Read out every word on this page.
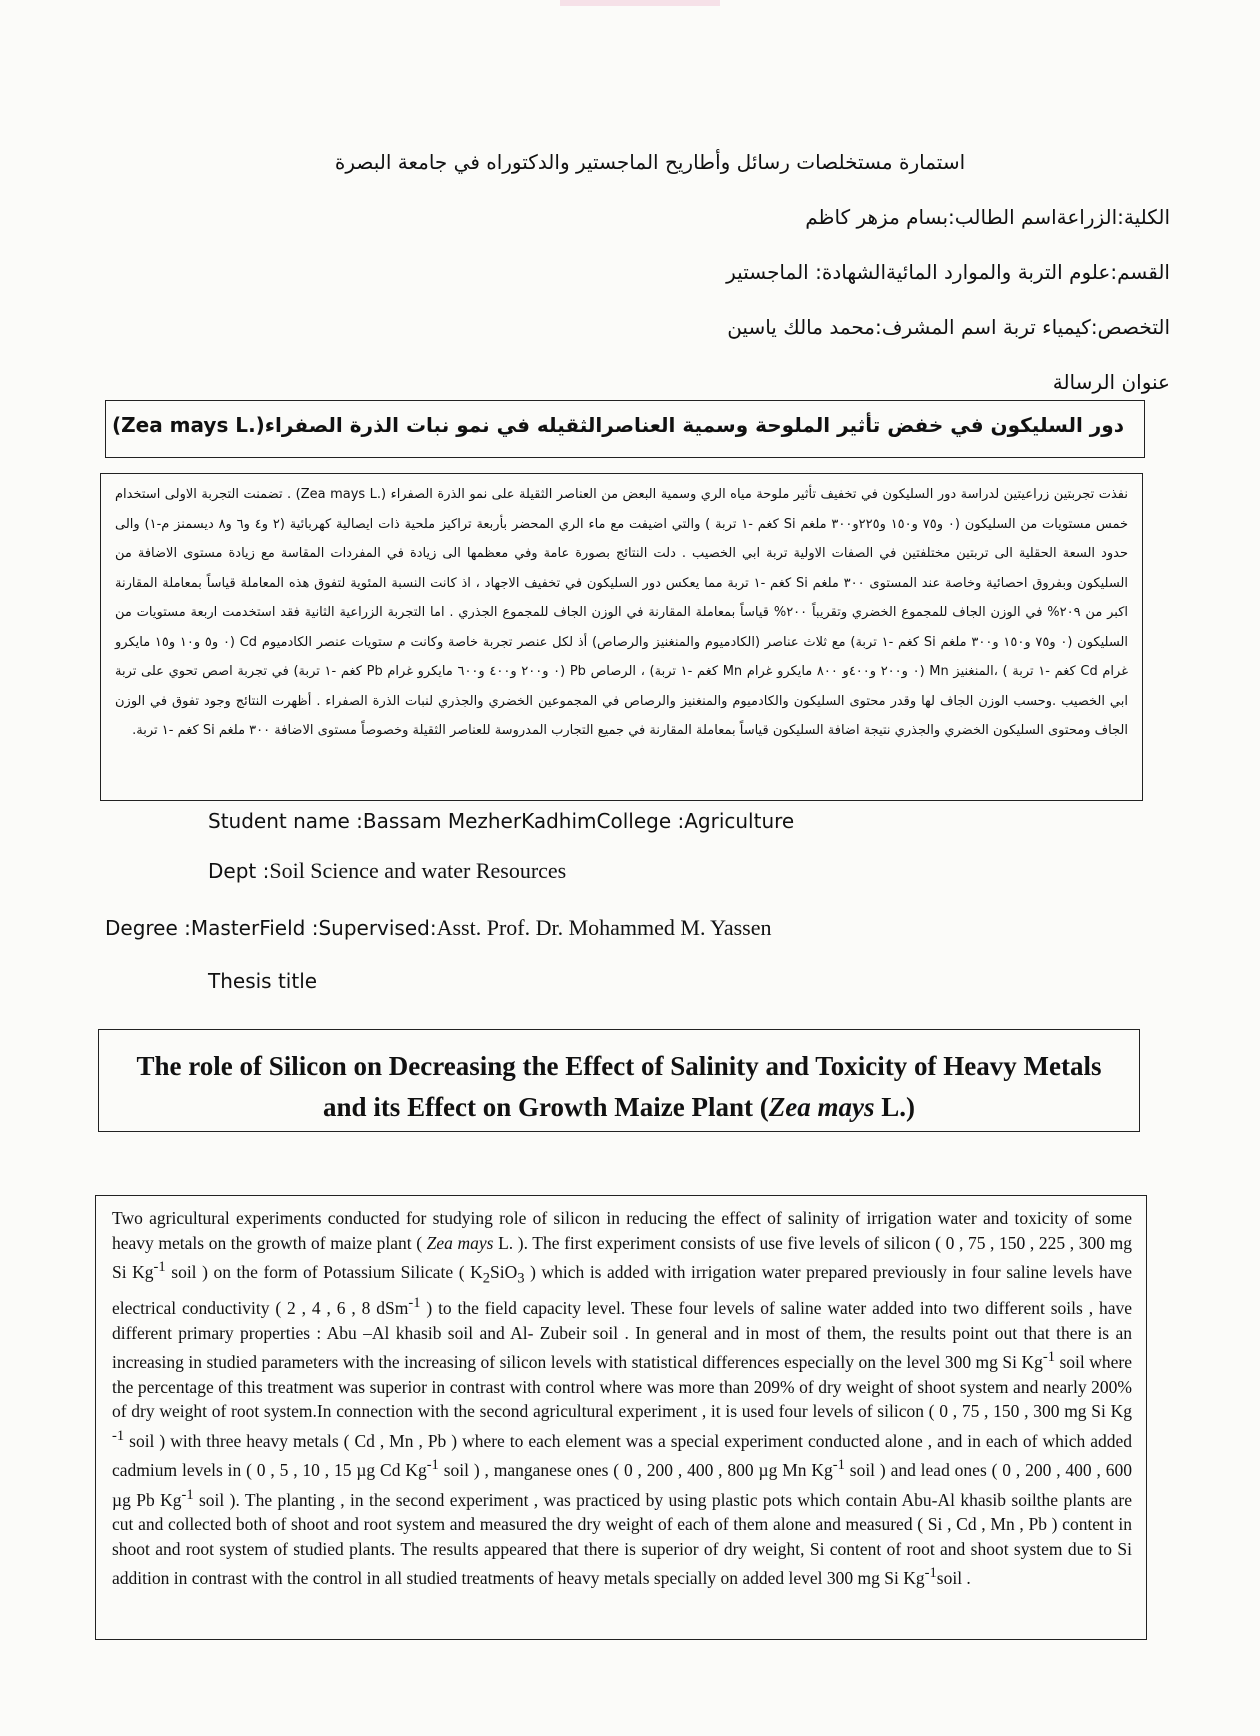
استمارة مستخلصات رسائل وأطاريح الماجستير والدكتوراه في جامعة البصرة
الكلية:الزراعةاسم الطالب:بسام مزهر كاظم
القسم:علوم التربة والموارد المائيةالشهادة: الماجستير
التخصص:كيمياء تربة اسم المشرف:محمد مالك ياسين
عنوان الرسالة
دور السليكون في خفض تأثير الملوحة وسمية العناصرالثقيله في نمو نبات الذرة الصفراء(.Zea mays L)
نفذت تجربتين زراعيتين لدراسة دور السليكون في تخفيف تأثير ملوحة مياه الري وسمية البعض من العناصر الثقيلة على نمو الذرة الصفراء (.Zea mays L) . تضمنت التجربة الاولى استخدام خمس مستويات من السليكون (٠ و٧٥ و١٥٠ و٢٢٥و٣٠٠ ملغم Si كغم -١ تربة ) والتي اضيفت مع ماء الري المحضر بأربعة تراكيز ملحية ذات ايصالية كهربائية (٢ و٤ و٦ و٨ ديسمنز م-١) والى حدود السعة الحقلية الى تربتين مختلفتين في الصفات الاولية تربة ابي الخصيب . دلت النتائج بصورة عامة وفي معظمها الى زيادة في المفردات المقاسة مع زيادة مستوى الاضافة من السليكون وبفروق احصائية وخاصة عند المستوى ٣٠٠ ملغم Si كغم -١ تربة مما يعكس دور السليكون في تخفيف الاجهاد ، اذ كانت النسبة المئوية لتفوق هذه المعاملة قياساً بمعاملة المقارنة اكبر من ٢٠٩% في الوزن الجاف للمجموع الخضري وتقريباً ٢٠٠% قياساً بمعاملة المقارنة في الوزن الجاف للمجموع الجذري . اما التجربة الزراعية الثانية فقد استخدمت اربعة مستويات من السليكون (٠ و٧٥ و١٥٠ و٣٠٠ ملغم Si كغم -١ تربة) مع ثلاث عناصر (الكادميوم والمنغنيز والرصاص) أذ لكل عنصر تجربة خاصة وكانت م ستويات عنصر الكادميوم Cd (٠ و٥ و١٠ و١٥ مايكرو غرام Cd كغم -١ تربة ) ،المنغنيز Mn (٠ و٢٠٠ و٤٠٠و ٨٠٠ مايكرو غرام Mn كغم -١ تربة) ، الرصاص Pb (٠ و٢٠٠ و٤٠٠ و٦٠٠ مايكرو غرام Pb كغم -١ تربة) في تجربة اصص تحوي على تربة ابي الخصيب .وحسب الوزن الجاف لها وقدر محتوى السليكون والكادميوم والمنغنيز والرصاص في المجموعين الخضري والجذري لنبات الذرة الصفراء . أظهرت النتائج وجود تفوق في الوزن الجاف ومحتوى السليكون الخضري والجذري نتيجة اضافة السليكون قياساً بمعاملة المقارنة في جميع التجارب المدروسة للعناصر الثقيلة وخصوصاً مستوى الاضافة ٣٠٠ ملغم Si كغم -١ تربة.
Student name :Bassam MezherKadhimCollege :Agriculture
Dept :Soil Science and water Resources
Degree :MasterField :Supervised:Asst. Prof. Dr. Mohammed M. Yassen
Thesis title
The role of Silicon on Decreasing the Effect of Salinity and Toxicity of Heavy Metals and its Effect on Growth Maize Plant (Zea mays L.)
Two agricultural experiments conducted for studying role of silicon in reducing the effect of salinity of irrigation water and toxicity of some heavy metals on the growth of maize plant ( Zea mays L. ). The first experiment consists of use five levels of silicon ( 0 , 75 , 150 , 225 , 300 mg Si $Kg^{-1}$ soil ) on the form of Potassium Silicate ( $K_2SiO_3$ ) which is added with irrigation water prepared previously in four saline levels have electrical conductivity ( 2 , 4 , 6 , 8 dSm$^{-1}$ ) to the field capacity level. These four levels of saline water added into two different soils , have different primary properties : Abu –Al khasib soil and Al- Zubeir soil . In general and in most of them, the results point out that there is an increasing in studied parameters with the increasing of silicon levels with statistical differences especially on the level 300 mg Si $Kg^{-1}$ soil where the percentage of this treatment was superior in contrast with control where was more than 209% of dry weight of shoot system and nearly 200% of dry weight of root system.In connection with the second agricultural experiment , it is used four levels of silicon ( 0 , 75 , 150 , 300 mg Si Kg $^{-1}$ soil ) with three heavy metals ( Cd , Mn , Pb ) where to each element was a special experiment conducted alone , and in each of which added cadmium levels in ( 0 , 5 , 10 , 15 µg Cd $Kg^{-1}$ soil ) , manganese ones ( 0 , 200 , 400 , 800 µg Mn $Kg^{-1}$ soil ) and lead ones ( 0 , 200 , 400 , 600 µg Pb $Kg^{-1}$ soil ). The planting , in the second experiment , was practiced by using plastic pots which contain Abu-Al khasib soilthe plants are cut and collected both of shoot and root system and measured the dry weight of each of them alone and measured ( Si , Cd , Mn , Pb ) content in shoot and root system of studied plants. The results appeared that there is superior of dry weight, Si content of root and shoot system due to Si addition in contrast with the control in all studied treatments of heavy metals specially on added level 300 mg Si $Kg^{-1}soil$ .
